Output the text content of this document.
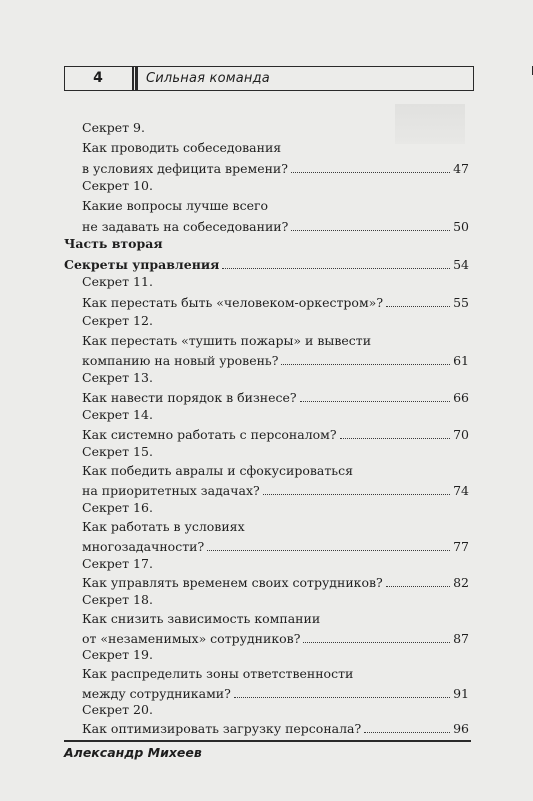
4	Сильная команда
Секрет 9.
Как проводить собеседования
в условиях дефицита времени?	47
Секрет 10.
Какие вопросы лучше всего
не задавать на собеседовании?	50
Часть вторая
Секреты управления	54
Секрет 11.
Как перестать быть «человеком-оркестром»?	55
Секрет 12.
Как перестать «тушить пожары» и вывести
компанию на новый уровень?	61
Секрет 13.
Как навести порядок в бизнесе?	66
Секрет 14.
Как системно работать с персоналом?	70
Секрет 15.
Как победить авралы и сфокусироваться
на приоритетных задачах?	74
Секрет 16.
Как работать в условиях
многозадачности?	77
Секрет 17.
Как управлять временем своих сотрудников?	82
Секрет 18.
Как снизить зависимость компании
от «незаменимых» сотрудников?	87
Секрет 19.
Как распределить зоны ответственности
между сотрудниками?	91
Секрет 20.
Как оптимизировать загрузку персонала?	96
Александр Михеев
